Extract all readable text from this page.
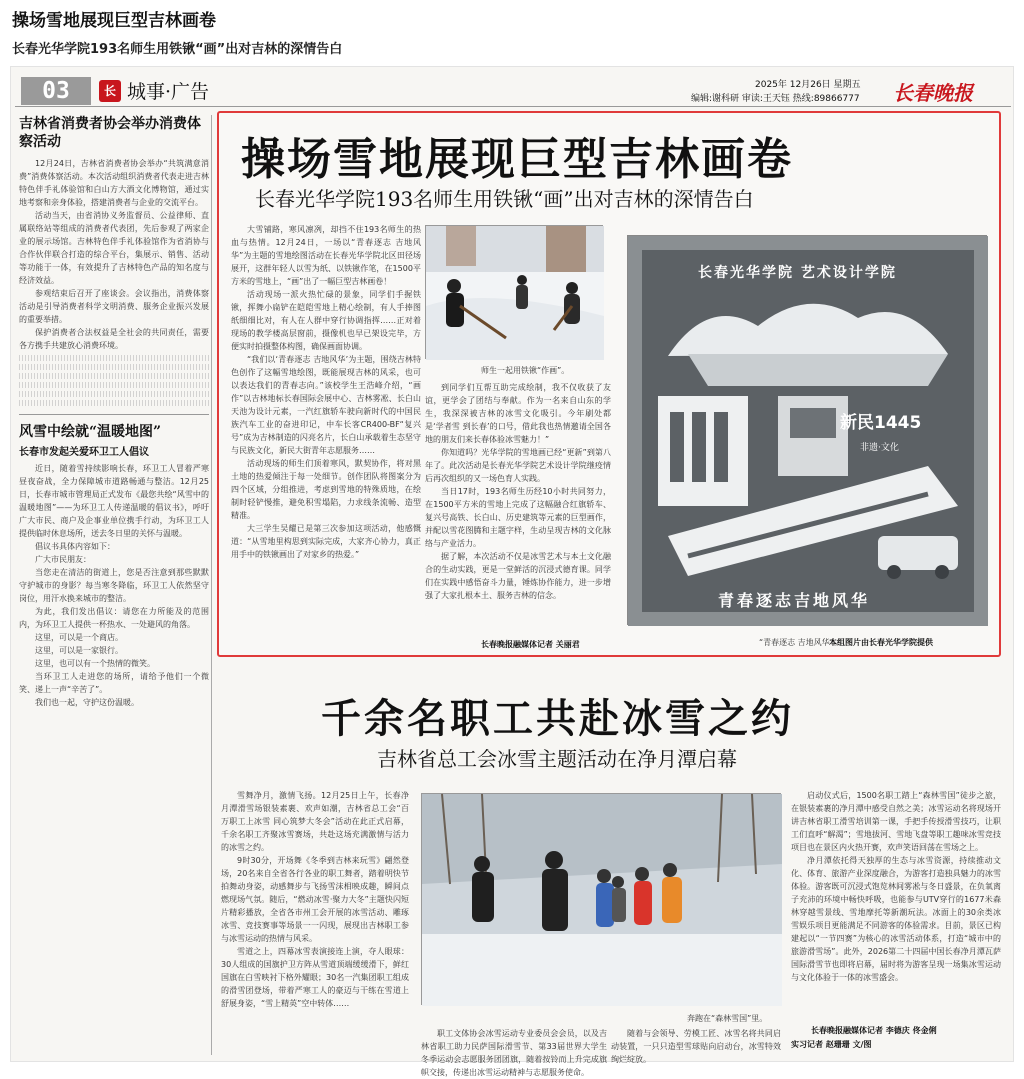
操场雪地展现巨型吉林画卷
长春光华学院193名师生用铁锹“画”出对吉林的深情告白
03	长 城事·广告	2025年 12月26日 星期五
编辑:谢科研 审读:王天钰 热线:89866777 长春晚报
吉林省消费者协会举办消费体察活动

12月24日，吉林省消费者协会举办“共筑满意消费”消费体察活动。本次活动组织消费者代表走进吉林特色伴手礼体验馆和白山方大酒文化博物馆，通过实地考察和亲身体验，搭建消费者与企业的交流平台。

活动当天，由省消协义务监督员、公益律师、直属联络站等组成的消费者代表团，先后参观了两家企业的展示场馆。吉林特色伴手礼体验馆作为省消协与合作伙伴联合打造的综合平台，集展示、销售、活动等功能于一体，有效提升了吉林特色产品的知名度与经济效益。

参观结束后召开了座谈会。会议指出，消费体察活动是引导消费者科学文明消费、服务企业振兴发展的重要举措。

保护消费者合法权益是全社会的共同责任，需要各方携手共建放心消费环境。

风雪中绘就“温暖地图”
长春市发起关爱环卫工人倡议

近日，随着雪持续影响长春，环卫工人冒着严寒昼夜奋战，全力保障城市道路畅通与整洁。12月25日，长春市城市管理局正式发布《最您共绘“风雪中的温暖地图”——为环卫工人传递温暖的倡议书》，呼吁广大市民、商户及企事业单位携手行动，为环卫工人提供临时休息场所，送去冬日里的关怀与温暖。

倡议书具体内容如下：

广大市民朋友：

当您走在清洁的街道上，您是否注意到那些默默守护城市的身影？每当寒冬降临，环卫工人依然坚守岗位，用汗水换来城市的整洁。

为此，我们发出倡议：请您在力所能及的范围内，为环卫工人提供一杯热水、一处避风的角落。

这里，可以是一个商店。

这里，可以是一家银行。

这里，也可以有一个热情的微笑。

当环卫工人走进您的场所，请给予他们一个微笑、递上一声“辛苦了”。

我们也一起，守护这份温暖。

操场雪地展现巨型吉林画卷
长春光华学院193名师生用铁锹“画”出对吉林的深情告白

大雪铺路，寒风凛冽，却挡不住193名师生的热血与热情。12月24日，一场以“青春逐志 吉地风华”为主题的雪地绘图活动在长春光华学院北区田径场展开，这群年轻人以雪为纸、以铁锹作笔，在1500平方米的雪地上，“画”出了一幅巨型吉林画卷！

活动现场一派火热忙碌的景象，同学们手握铁锹，挥舞小扁铲在皑皑雪地上精心绘制，有人手捧图纸细细比对，有人在人群中穿行协调指挥……正对着现场的教学楼高层窗前，摄像机也早已架设完毕，方便实时拍摄整体构图，确保画面协调。

“我们以‘青春逐志 吉地风华’为主题，围绕吉林特色创作了这幅雪地绘图，既能展现吉林的风采，也可以表达我们的青春志向。”该校学生王浩峰介绍，“画作”以吉林地标长春国际会展中心、吉林雾凇、长白山天池为设计元素，一汽红旗轿车驶向新时代的中国民族汽车工业的奋进印记，中车长客CR400-BF“复兴号”成为吉林制造的闪亮名片，长白山承载着生态坚守与民族文化，新民大街青年志愿服务……

活动现场的师生们顶着寒风，默契协作，将对黑土地的热爱倾注于每一处细节。创作团队将图案分为四个区域，分组推进，考虑到雪地的特殊质地，在绘制时轻铲慢推，避免积雪塌陷，力求线条流畅、造型精准。

大三学生吴耀已是第三次参加这项活动，他感慨道：“从雪地里构思到实际完成，大家齐心协力，真正用手中的铁锹画出了对家乡的热爱。”

师生一起用铁锹“作画”。

到同学们互帮互助完成绘制，我不仅收获了友谊，更学会了团结与奉献。作为一名来自山东的学生，我深深被吉林的冰雪文化吸引。今年刷处都是‘学者雪 到长春’的口号，借此我也热情邀请全国各地的朋友们来长春体验冰雪魅力！”

你知道吗？光华学院的雪地画已经“更新”到第八年了。此次活动是长春光华学院艺术设计学院继疫情后再次组织的又一场色育人实践。

当日17时，193名师生历经10小时共同努力，在1500平方米的雪地上完成了这幅融合红旗轿车、复兴号高铁、长白山、历史建筑等元素的巨型画作，并配以雪花图腾和主题字样，生动呈现吉林的文化脉络与产业活力。

据了解，本次活动不仅是冰雪艺术与本土文化融合的生动实践，更是一堂鲜活的沉浸式德育课。同学们在实践中感悟奋斗力量，锤炼协作能力，进一步增强了大家扎根本土、服务吉林的信念。

长春晚报融媒体记者 关丽君
长春光华学院 艺术设计学院
新民1445
非遗·文化
青春逐志吉地风华
“青春逐志 吉地风华”。
本组图片由长春光华学院提供
千余名职工共赴冰雪之约
吉林省总工会冰雪主题活动在净月潭启幕

雪舞净月，激情飞扬。12月25日上午，长春净月潭滑雪场银装素裹、欢声如潮，吉林省总工会“百万职工上冰雪 同心筑梦大冬会”活动在此正式启幕，千余名职工齐聚冰雪赛场，共赴这场充满激情与活力的冰雪之约。

9时30分，开场舞《冬季到吉林来玩雪》翩然登场，20名来自全省各行各业的职工舞者，踏着明快节拍舞动身姿，动感舞步与飞扬雪沫相映成趣，瞬间点燃现场气氛。随后，“燃动冰雪·聚力大冬”主题快闪短片精彩播放，全省各市州工会开展的冰雪活动、雕琢冰雪、竞技赛事等场景一一闪现，展现出吉林职工参与冰雪运动的热情与风采。

雪道之上，四幕冰雪表演接连上演，夺人眼球：30人组成的国旗护卫方阵从雪道顶端缓缓滑下，鲜红国旗在白雪映衬下格外耀眼；30名一汽集团职工组成的滑雪团登场，带着严寒工人的豪迈与干练在雪道上舒展身姿，“雪上精英”空中转体……

奔跑在“森林雪国”里。

职工文体协会冰雪运动专业委员会会员，以及吉林省职工助力民萨国际滑雪节、第33届世界大学生冬季运动会志愿服务团团旗，随着按铃而上升完成旗帜交接，传递出冰雪运动精神与志愿服务使命。

随着与会领导、劳模工匠、冰雪名将共同启动装置，一只只造型雪球贴向启动台，冰雪特效绚烂绽放。

启动仪式后，1500名职工踏上“森林雪国”徒步之旅，在银装素裹的净月潭中感受自然之美；冰雪运动名将现场开讲吉林省职工滑雪培训第一课，手把手传授滑雪技巧，让职工们直呼“解渴”；雪地拔河、雪地飞盘等职工趣味冰雪竞技项目也在景区内火热开赛，欢声笑语回荡在雪场之上。

净月潭依托得天独厚的生态与冰雪资源，持续推动文化、体育、旅游产业深度融合，为游客打造独具魅力的冰雪体验。游客既可沉浸式饱览林间雾凇与冬日盛景，在负氧离子充沛的环境中畅快呼吸，也能参与UTV穿行的1677米森林穿越雪景线、雪地摩托等新潮玩法。冰面上的30余类冰雪娱乐项目更能满足不同游客的体验需求。目前，景区已构建起以“一节四赛”为核心的冰雪活动体系，打造“城市中的旅游滑雪场”。此外，2026第二十四届中国长春净月潭瓦萨国际滑雪节也即将启幕，届时将为游客呈现一场集冰雪运动与文化体验于一体的冰雪盛会。

长春晚报融媒体记者 李德庆 佟金俐
实习记者 赵珊珊 文/图
